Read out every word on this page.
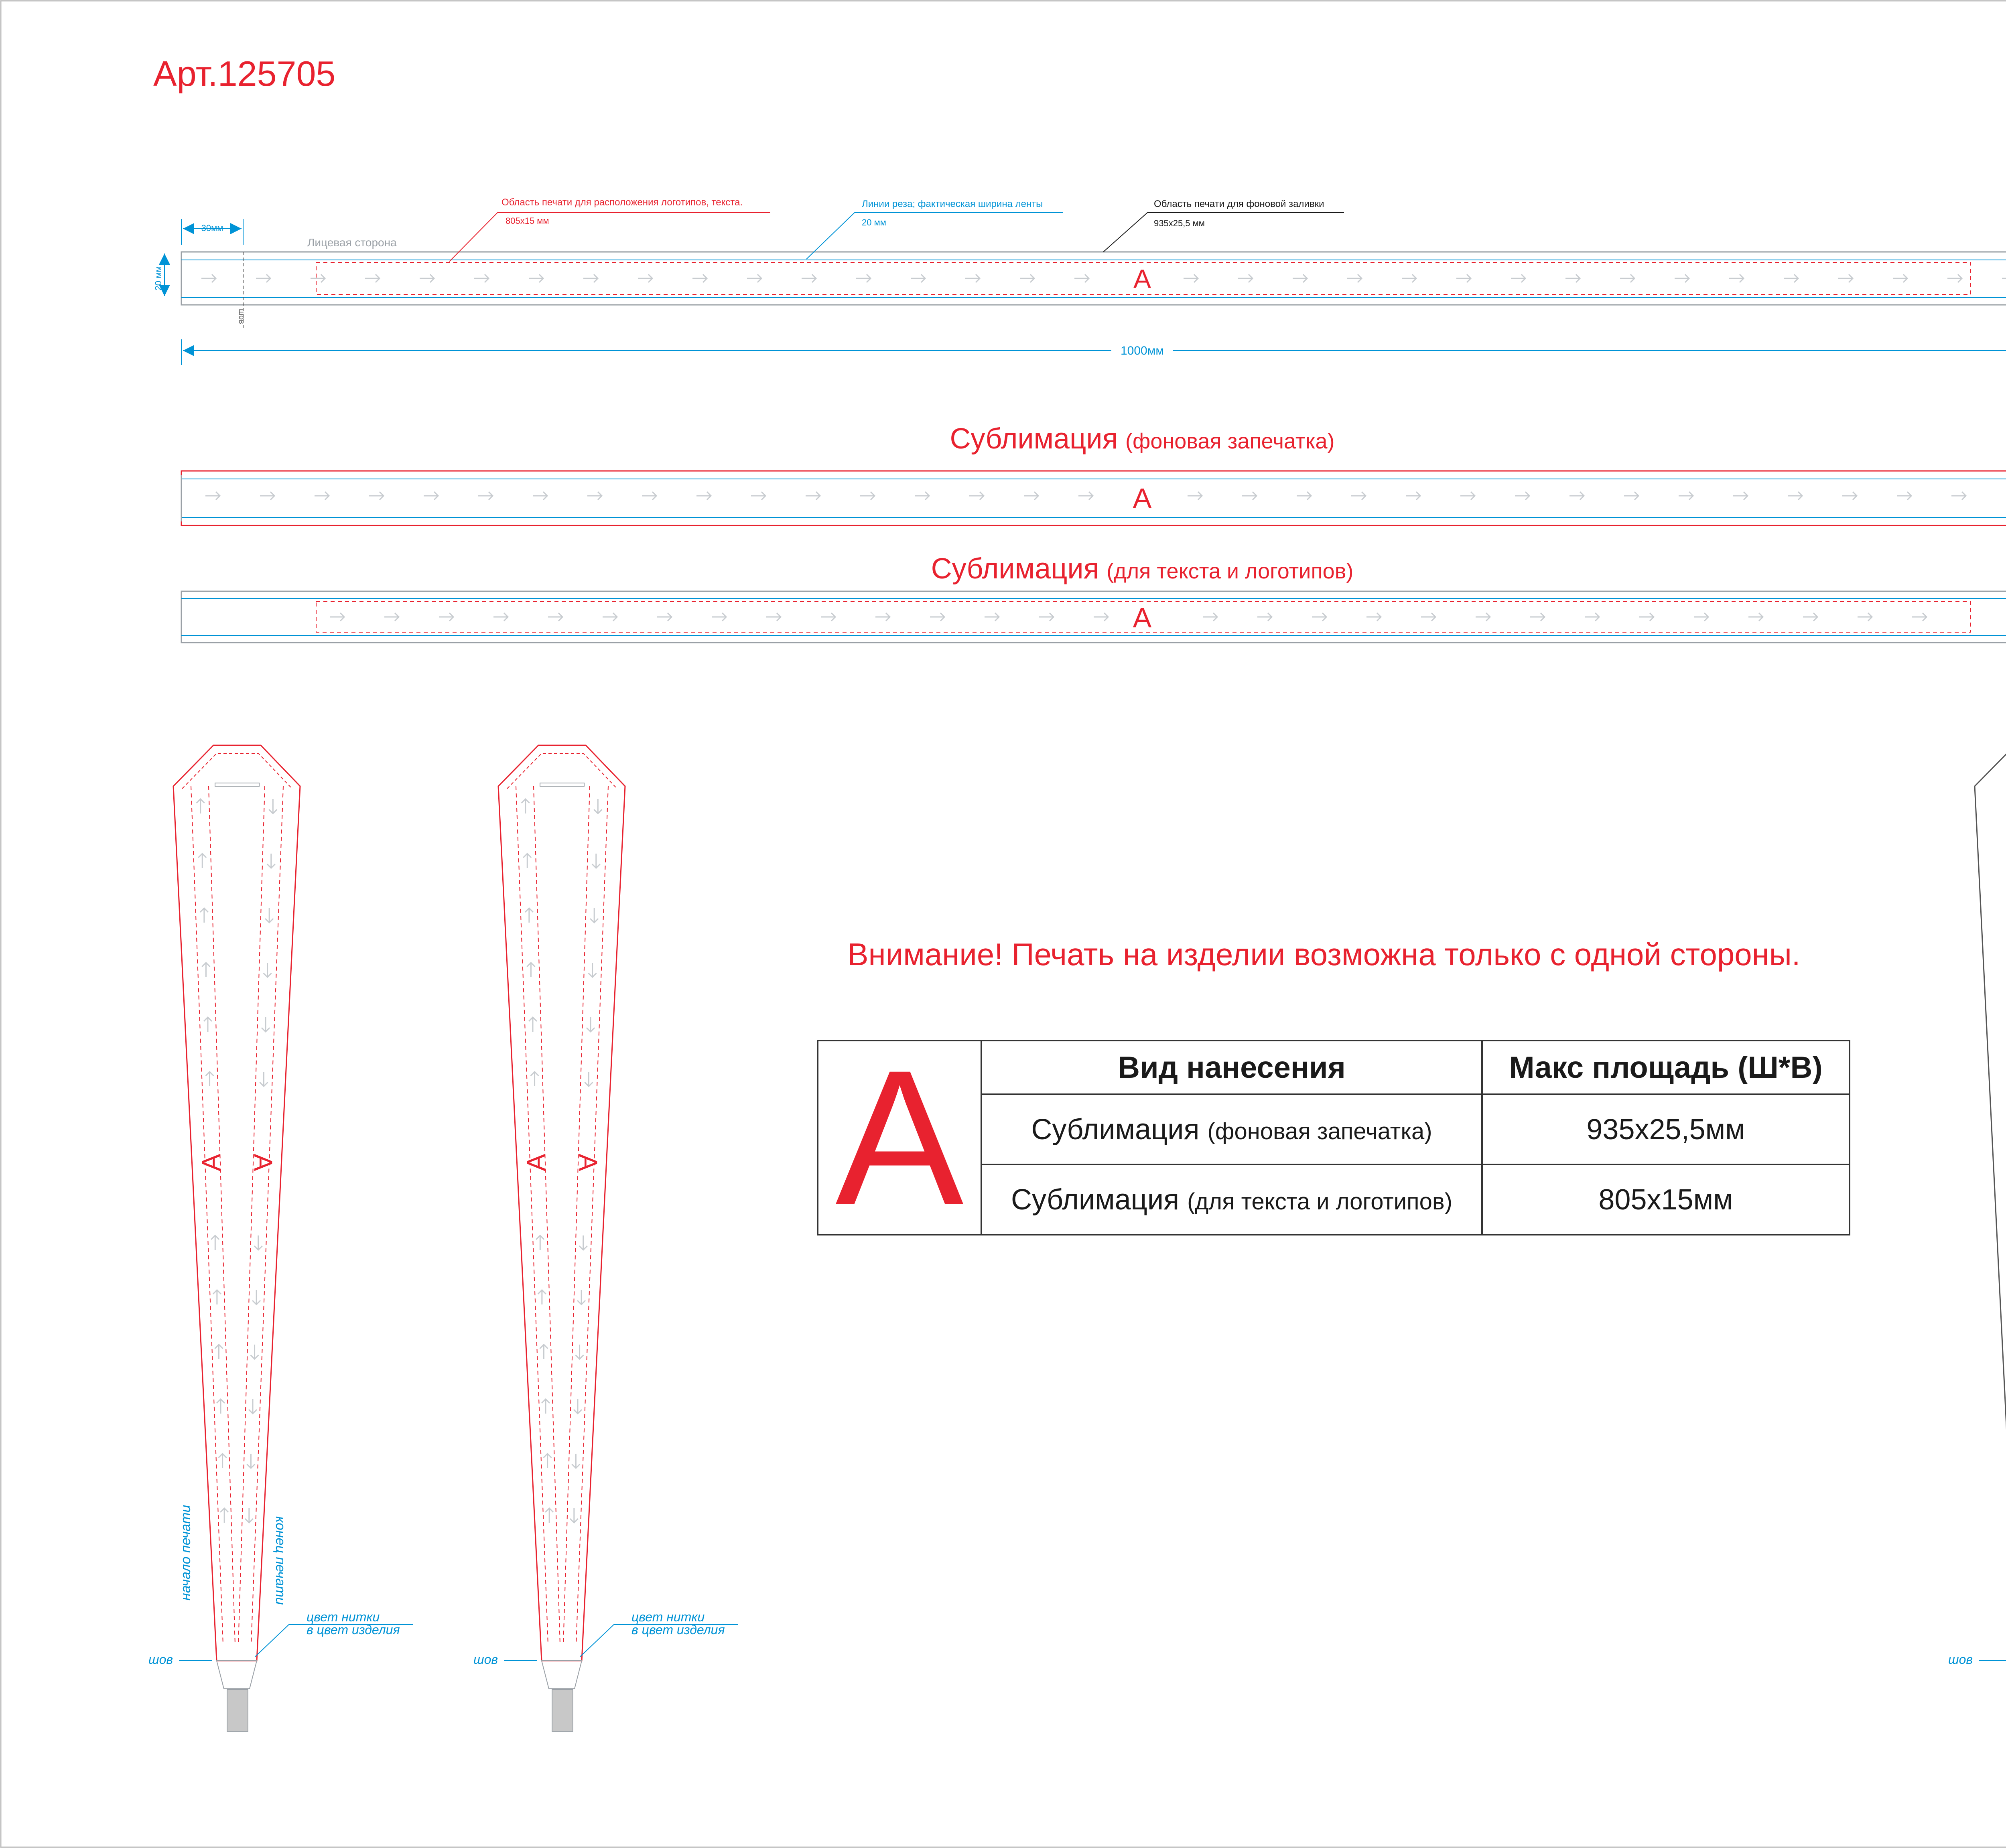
Арт.125705
A
Область печати для расположения логотипов, текста.
805х15 мм
Линии реза; фактическая ширина ленты
20 мм
Область печати для фоновой заливки
935х25,5 мм
Лицевая сторона
30мм
20 мм
шов
1000мм
Сублимация (фоновая запечатка)
A
Сублимация (для текста и логотипов)
A
A A
начало печати	конец печати
цвет нитки
в цвет изделия
шов
A A
цвет нитки
в цвет изделия
шов	шов
Внимание! Печать на изделии возможна только с одной стороны.
A	Вид нанесения	Макс площадь (Ш*В)
	Сублимация (фоновая запечатка)	935х25,5мм
	Сублимация (для текста и логотипов)	805х15мм
